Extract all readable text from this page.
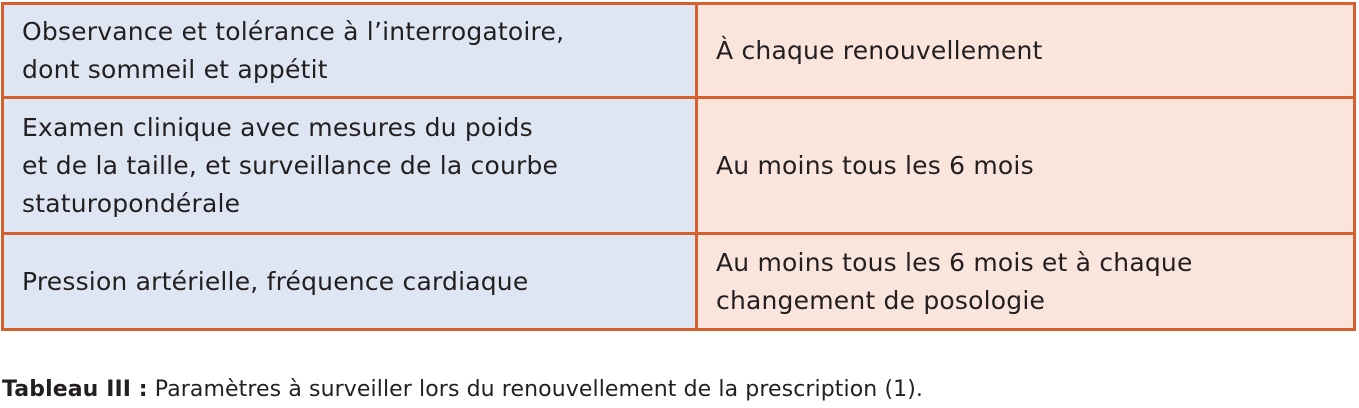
Observance et tolérance à l’interrogatoire,
dont sommeil et appétit	À chaque renouvellement

Examen clinique avec mesures du poids
et de la taille, et surveillance de la courbe
staturopondérale	Au moins tous les 6 mois

Pression artérielle, fréquence cardiaque	Au moins tous les 6 mois et à chaque
changement de posologie
Tableau III : Paramètres à surveiller lors du renouvellement de la prescription (1).
